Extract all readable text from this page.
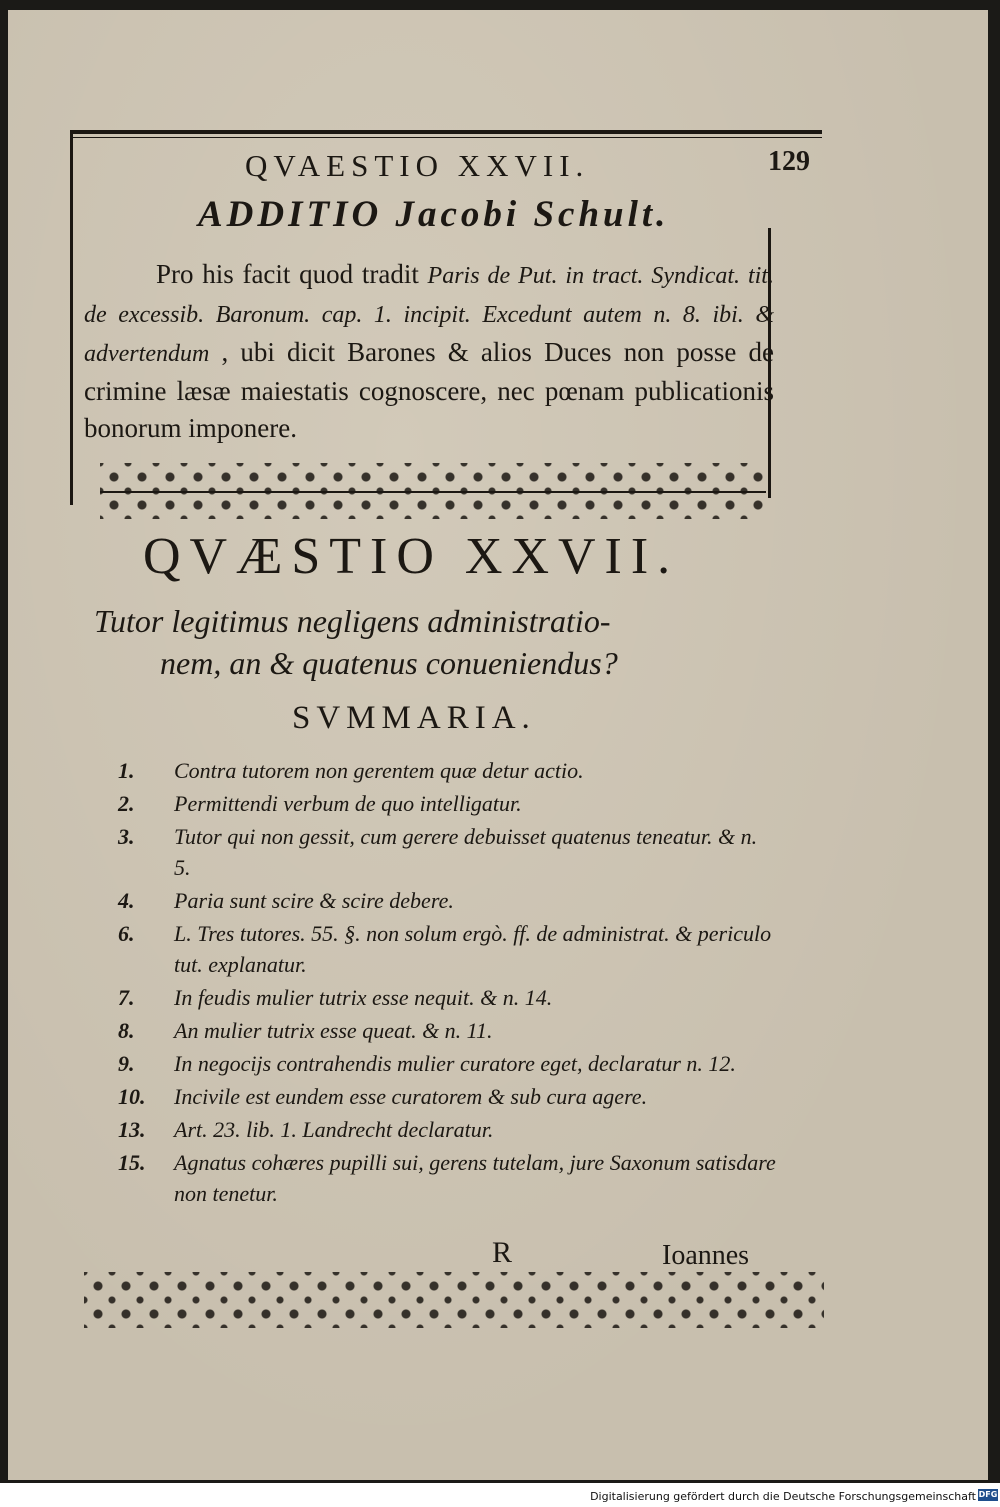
QVAESTIO XXVII.	129
ADDITIO Jacobi Schult.

Pro his facit quod tradit Paris de Put. in tract. Syndicat. tit. de excessib. Baronum. cap. 1. incipit. Excedunt autem n. 8. ibi. & advertendum , ubi dicit Barones & alios Duces non posse de crimine læsæ maiestatis cognoscere, nec pœnam publicationis bonorum imponere.

QVÆSTIO XXVII.
Tutor legitimus negligens administratio-
nem, an & quatenus conueniendus?
SVMMARIA.
1.	Contra tutorem non gerentem quæ detur actio.
2.	Permittendi verbum de quo intelligatur.
3.	Tutor qui non gessit, cum gerere debuisset quatenus teneatur. & n. 5.
4.	Paria sunt scire & scire debere.
6.	L. Tres tutores. 55. §. non solum ergò. ff. de administrat. & periculo tut. explanatur.
7.	In feudis mulier tutrix esse nequit. & n. 14.
8.	An mulier tutrix esse queat. & n. 11.
9.	In negocijs contrahendis mulier curatore eget, declaratur n. 12.
10.	Incivile est eundem esse curatorem & sub cura agere.
13.	Art. 23. lib. 1. Landrecht declaratur.
15.	Agnatus cohæres pupilli sui, gerens tutelam, jure Saxonum satisdare non tenetur.
R	Ioannes
Digitalisierung gefördert durch die Deutsche Forschungsgemeinschaft DFG
